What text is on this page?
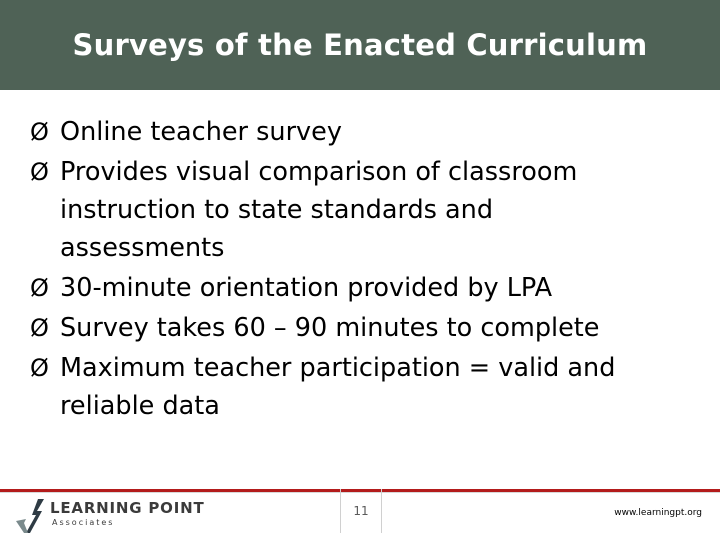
Surveys of the Enacted Curriculum
Ø Online teacher survey
Ø Provides visual comparison of classroom
instruction to state standards and
assessments
Ø 30-minute orientation provided by LPA
Ø Survey takes 60 – 90 minutes to complete
Ø Maximum teacher participation = valid and
reliable data
LEARNING POINT
Associates
11	www.learningpt.org
